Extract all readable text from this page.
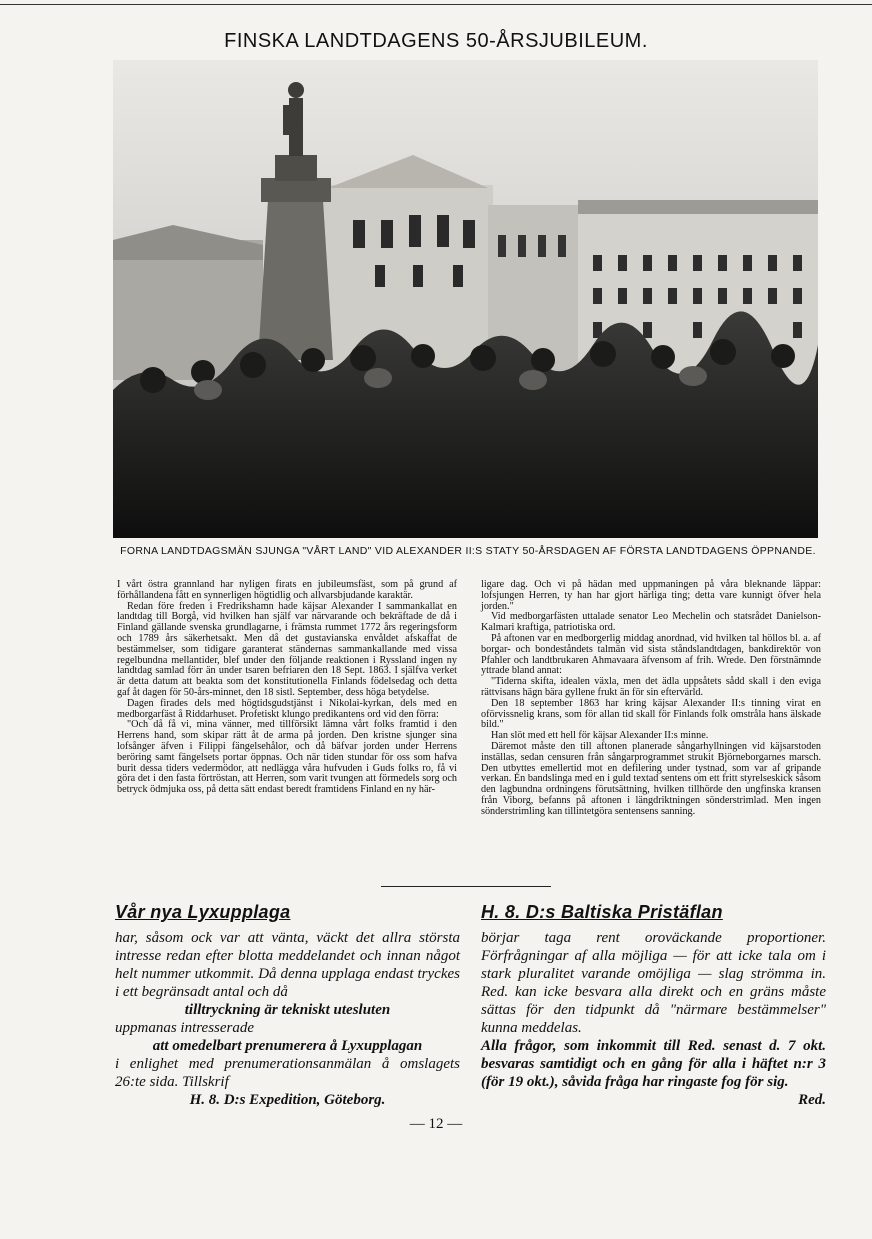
FINSKA LANDTDAGENS 50-ÅRSJUBILEUM.
FORNA LANDTDAGSMÄN SJUNGA "VÅRT LAND" VID ALEXANDER II:S STATY 50-ÅRSDAGEN AF FÖRSTA LANDTDAGENS ÖPPNANDE.

I vårt östra grannland har nyligen firats en jubileumsfäst, som på grund af förhållandena fått en synnerligen högtidlig och allvarsbjudande karaktär.

Redan före freden i Fredrikshamn hade käjsar Alexander I sammankallat en landtdag till Borgå, vid hvilken han själf var närvarande och bekräftade de då i Finland gällande svenska grundlagarne, i främsta rummet 1772 års regeringsform och 1789 års säkerhetsakt. Men då det gustavianska envåldet afskaffat de bestämmelser, som tidigare garanterat ständernas sammankallande med vissa regelbundna mellantider, blef under den följande reaktionen i Ryssland ingen ny landtdag samlad förr än under tsaren befriaren den 18 Sept. 1863. I själfva verket är detta datum att beakta som det konstitutionella Finlands födelsedag och detta gaf åt dagen för 50-års-minnet, den 18 sistl. September, dess höga betydelse.

Dagen firades dels med högtidsgudstjänst i Nikolai-kyrkan, dels med en medborgarfäst å Riddarhuset. Profetiskt klungo predikantens ord vid den förra:

"Och då få vi, mina vänner, med tillförsikt lämna vårt folks framtid i den Herrens hand, som skipar rätt åt de arma på jorden. Den kristne sjunger sina lofsånger äfven i Filippi fängelsehålor, och då bäfvar jorden under Herrens beröring samt fängelsets portar öppnas. Och när tiden stundar för oss som hafva burit dessa tiders vedermödor, att nedlägga våra hufvuden i Guds folks ro, få vi göra det i den fasta förtröstan, att Herren, som varit tvungen att förmedels sorg och betryck ödmjuka oss, på detta sätt endast beredt framtidens Finland en ny här-

ligare dag. Och vi på hädan med uppmaningen på våra bleknande läppar: lofsjungen Herren, ty han har gjort härliga ting; detta vare kunnigt öfver hela jorden."

Vid medborgarfästen uttalade senator Leo Mechelin och statsrådet Danielson-Kalmari kraftiga, patriotiska ord.

På aftonen var en medborgerlig middag anordnad, vid hvilken tal höllos bl. a. af borgar- och bondeståndets talmän vid sista ståndslandtdagen, bankdirektör von Pfahler och landtbrukaren Ahmavaara äfvensom af frih. Wrede. Den förstnämnde yttrade bland annat:

"Tiderna skifta, idealen växla, men det ädla uppsåtets sådd skall i den eviga rättvisans hägn bära gyllene frukt än för sin eftervärld.

Den 18 september 1863 har kring käjsar Alexander II:s tinning virat en oförvissnelig krans, som för allan tid skall för Finlands folk omstråla hans älskade bild."

Han slöt med ett hell för käjsar Alexander II:s minne.

Däremot måste den till aftonen planerade sångarhyllningen vid käjsarstoden inställas, sedan censuren från sångarprogrammet strukit Björneborgarnes marsch. Den utbyttes emellertid mot en defilering under tystnad, som var af gripande verkan. En bandslinga med en i guld textad sentens om ett fritt styrelseskick såsom den lagbundna ordningens förutsättning, hvilken tillhörde den ungfinska kransen från Viborg, befanns på aftonen i längdriktningen sönderstrimlad. Men ingen sönderstrimling kan tillintetgöra sentensens sanning.

Vår nya Lyxupplaga

har, såsom ock var att vänta, väckt det allra största intresse redan efter blotta meddelandet och innan något helt nummer utkommit. Då denna upplaga endast tryckes i ett begränsadt antal och då

tilltryckning är tekniskt utesluten

uppmanas intresserade

att omedelbart prenumerera å Lyxupplagan

i enlighet med prenumerationsanmälan å omslagets 26:te sida. Tillskrif

H. 8. D:s Expedition, Göteborg.

H. 8. D:s Baltiska Pristäflan

börjar taga rent oroväckande proportioner. Förfrågningar af alla möjliga — för att icke tala om i stark pluralitet varande omöjliga — slag strömma in. Red. kan icke besvara alla direkt och en gräns måste sättas för den tidpunkt då "närmare bestämmelser" kunna meddelas.

Alla frågor, som inkommit till Red. senast d. 7 okt. besvaras samtidigt och en gång för alla i häftet n:r 3 (för 19 okt.), såvida fråga har ringaste fog för sig.

Red.

— 12 —
